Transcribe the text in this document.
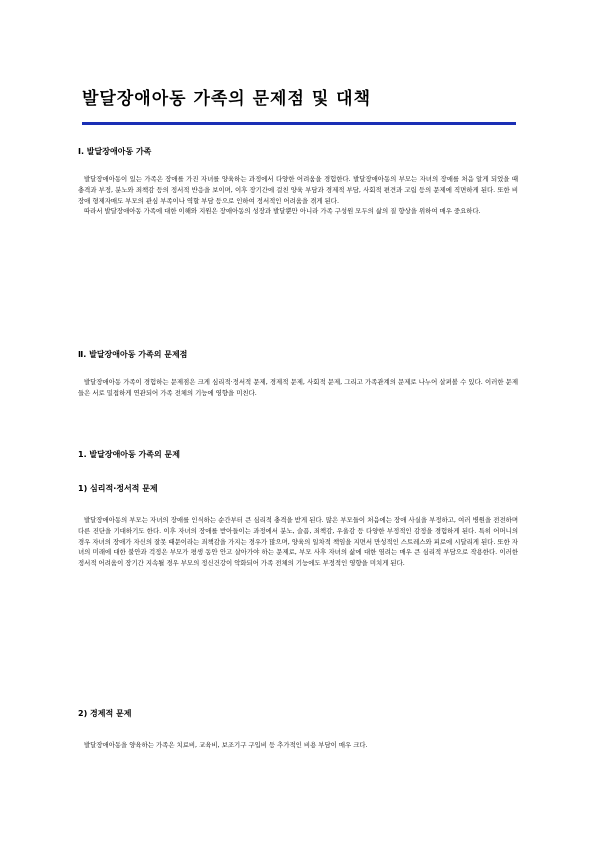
발달장애아동 가족의 문제점 및 대책
Ⅰ. 발달장애아동 가족

발달장애아동이 있는 가족은 장애를 가진 자녀를 양육하는 과정에서 다양한 어려움을 경험한다. 발달장애아동의 부모는 자녀의 장애를 처음 알게 되었을 때 충격과 부정, 분노와 죄책감 등의 정서적 반응을 보이며, 이후 장기간에 걸친 양육 부담과 경제적 부담, 사회적 편견과 고립 등의 문제에 직면하게 된다. 또한 비장애 형제자매도 부모의 관심 부족이나 역할 부담 등으로 인하여 정서적인 어려움을 겪게 된다.

따라서 발달장애아동 가족에 대한 이해와 지원은 장애아동의 성장과 발달뿐만 아니라 가족 구성원 모두의 삶의 질 향상을 위하여 매우 중요하다.

Ⅱ. 발달장애아동 가족의 문제점

발달장애아동 가족이 경험하는 문제점은 크게 심리적·정서적 문제, 경제적 문제, 사회적 문제, 그리고 가족관계의 문제로 나누어 살펴볼 수 있다. 이러한 문제들은 서로 밀접하게 연관되어 가족 전체의 기능에 영향을 미친다.

1. 발달장애아동 가족의 문제
1) 심리적·정서적 문제

발달장애아동의 부모는 자녀의 장애를 인식하는 순간부터 큰 심리적 충격을 받게 된다. 많은 부모들이 처음에는 장애 사실을 부정하고, 여러 병원을 전전하며 다른 진단을 기대하기도 한다. 이후 자녀의 장애를 받아들이는 과정에서 분노, 슬픔, 죄책감, 우울감 등 다양한 부정적인 감정을 경험하게 된다. 특히 어머니의 경우 자녀의 장애가 자신의 잘못 때문이라는 죄책감을 가지는 경우가 많으며, 양육의 일차적 책임을 지면서 만성적인 스트레스와 피로에 시달리게 된다. 또한 자녀의 미래에 대한 불안과 걱정은 부모가 평생 동안 안고 살아가야 하는 문제로, 부모 사후 자녀의 삶에 대한 염려는 매우 큰 심리적 부담으로 작용한다. 이러한 정서적 어려움이 장기간 지속될 경우 부모의 정신건강이 악화되어 가족 전체의 기능에도 부정적인 영향을 미치게 된다.

2) 경제적 문제

발달장애아동을 양육하는 가족은 치료비, 교육비, 보조기구 구입비 등 추가적인 비용 부담이 매우 크다.
